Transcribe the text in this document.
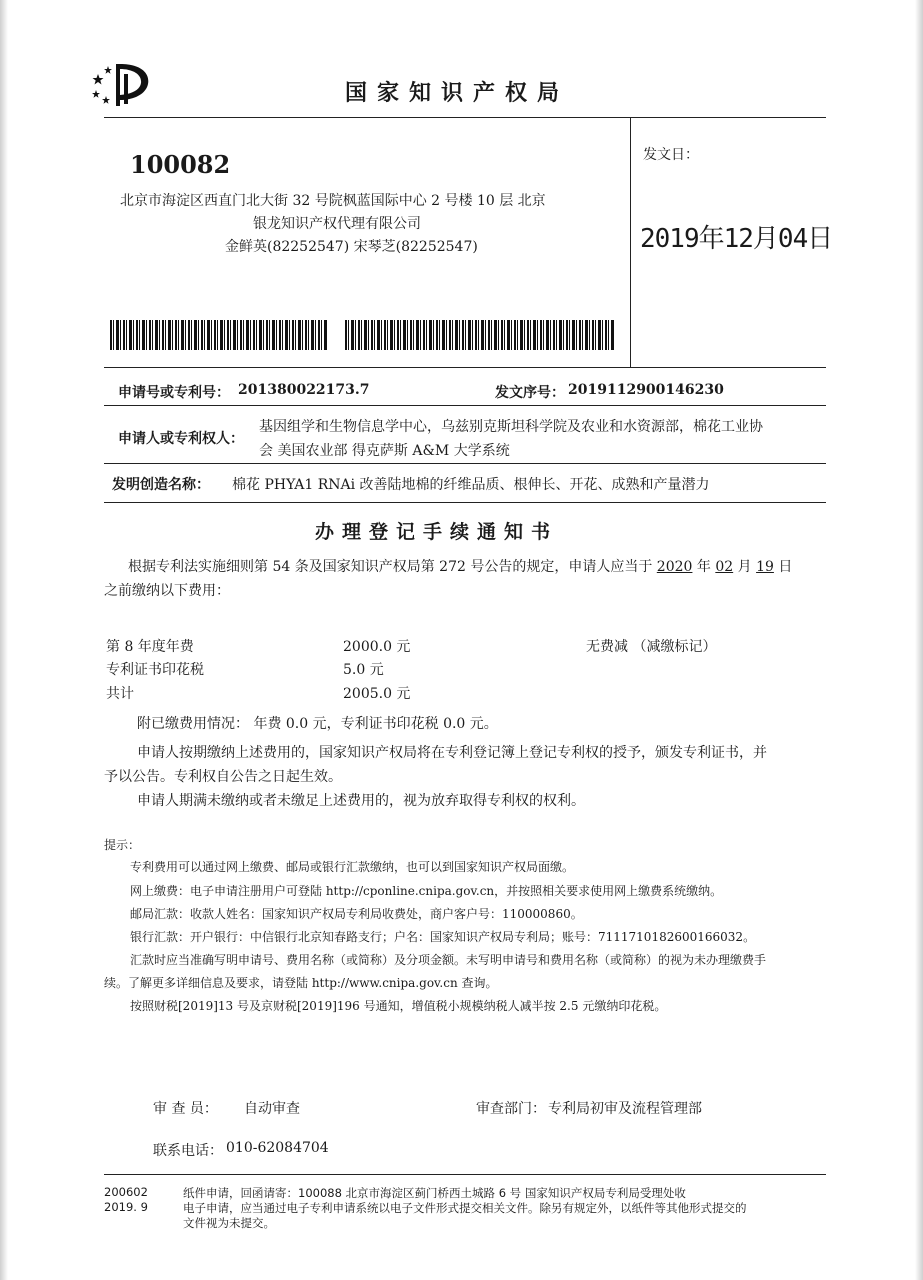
国家知识产权局
100082
北京市海淀区西直门北大街 32 号院枫蓝国际中心 2 号楼 10 层 北京
银龙知识产权代理有限公司
金鲜英(82252547) 宋琴芝(82252547)
发文日：
2019年12月04日
申请号或专利号： 201380022173.7	发文序号： 2019112900146230
申请人或专利权人：
基因组学和生物信息学中心，乌兹别克斯坦科学院及农业和水资源部，棉花工业协
会 美国农业部 得克萨斯 A&M 大学系统
发明创造名称： 棉花 PHYA1 RNAi 改善陆地棉的纤维品质、根伸长、开花、成熟和产量潜力
办理登记手续通知书
根据专利法实施细则第 54 条及国家知识产权局第 272 号公告的规定，申请人应当于 2020 年 02 月 19 日
之前缴纳以下费用：
第 8 年度年费	2000.0 元	无费减 （减缴标记）
专利证书印花税	5.0 元
共计	2005.0 元
附已缴费用情况： 年费 0.0 元，专利证书印花税 0.0 元。
申请人按期缴纳上述费用的，国家知识产权局将在专利登记簿上登记专利权的授予，颁发专利证书，并
予以公告。专利权自公告之日起生效。
申请人期满未缴纳或者未缴足上述费用的，视为放弃取得专利权的权利。
提示：
专利费用可以通过网上缴费、邮局或银行汇款缴纳，也可以到国家知识产权局面缴。
网上缴费：电子申请注册用户可登陆 http://cponline.cnipa.gov.cn，并按照相关要求使用网上缴费系统缴纳。
邮局汇款：收款人姓名：国家知识产权局专利局收费处，商户客户号：110000860。
银行汇款：开户银行：中信银行北京知春路支行；户名：国家知识产权局专利局；账号：7111710182600166032。
汇款时应当准确写明申请号、费用名称（或简称）及分项金额。未写明申请号和费用名称（或简称）的视为未办理缴费手
续。了解更多详细信息及要求，请登陆 http://www.cnipa.gov.cn 查询。
按照财税[2019]13 号及京财税[2019]196 号通知，增值税小规模纳税人减半按 2.5 元缴纳印花税。
审 查 员： 自动审查	审查部门： 专利局初审及流程管理部
联系电话： 010-62084704
200602
2019. 9
纸件申请，回函请寄：100088 北京市海淀区蓟门桥西土城路 6 号 国家知识产权局专利局受理处收
电子申请，应当通过电子专利申请系统以电子文件形式提交相关文件。除另有规定外，以纸件等其他形式提交的
文件视为未提交。
